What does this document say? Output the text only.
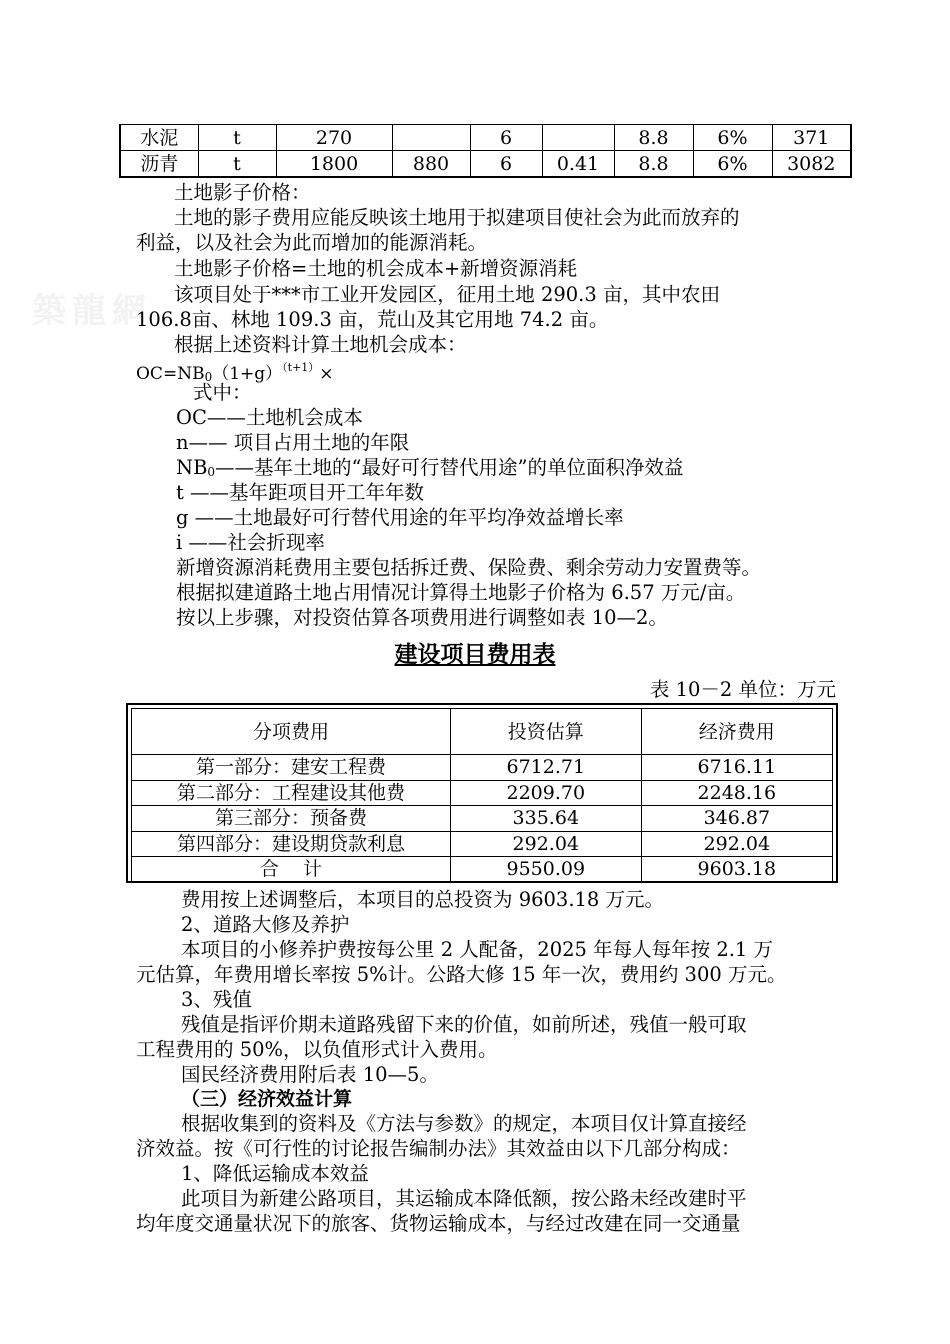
築龍網
水泥	t	270		6		8.8	6%	371
沥青	t	1800	880	6	0.41	8.8	6%	3082
土地影子价格：
土地的影子费用应能反映该土地用于拟建项目使社会为此而放弃的
利益，以及社会为此而增加的能源消耗。
土地影子价格=土地的机会成本+新增资源消耗
该项目处于***市工业开发园区，征用土地 290.3 亩，其中农田
106.8亩、林地 109.3 亩，荒山及其它用地 74.2 亩。
根据上述资料计算土地机会成本：
$OC=NB_0(1+g)^{(t+1)}\times$
式中：
OC——土地机会成本
n—— 项目占用土地的年限
$NB_0——$基年土地的“最好可行替代用途”的单位面积净效益
t ——基年距项目开工年年数
g ——土地最好可行替代用途的年平均净效益增长率
i ——社会折现率
新增资源消耗费用主要包括拆迁费、保险费、剩余劳动力安置费等。
根据拟建道路土地占用情况计算得土地影子价格为 6.57 万元/亩。
按以上步骤，对投资估算各项费用进行调整如表 10—2。
建设项目费用表
表 10－2 单位：万元
分项费用	投资估算	经济费用
第一部分：建安工程费	6712.71	6716.11
第二部分：工程建设其他费	2209.70	2248.16
第三部分：预备费	335.64	346.87
第四部分：建设期贷款利息	292.04	292.04
合    计	9550.09	9603.18
费用按上述调整后，本项目的总投资为 9603.18 万元。
2、道路大修及养护
本项目的小修养护费按每公里 2 人配备，2025 年每人每年按 2.1 万
元估算，年费用增长率按 5%计。公路大修 15 年一次，费用约 300 万元。
3、残值
残值是指评价期未道路残留下来的价值，如前所述，残值一般可取
工程费用的 50%，以负值形式计入费用。
国民经济费用附后表 10—5。
（三）经济效益计算
根据收集到的资料及《方法与参数》的规定，本项目仅计算直接经
济效益。按《可行性的讨论报告编制办法》其效益由以下几部分构成：
1、降低运输成本效益
此项目为新建公路项目，其运输成本降低额，按公路未经改建时平
均年度交通量状况下的旅客、货物运输成本，与经过改建在同一交通量
